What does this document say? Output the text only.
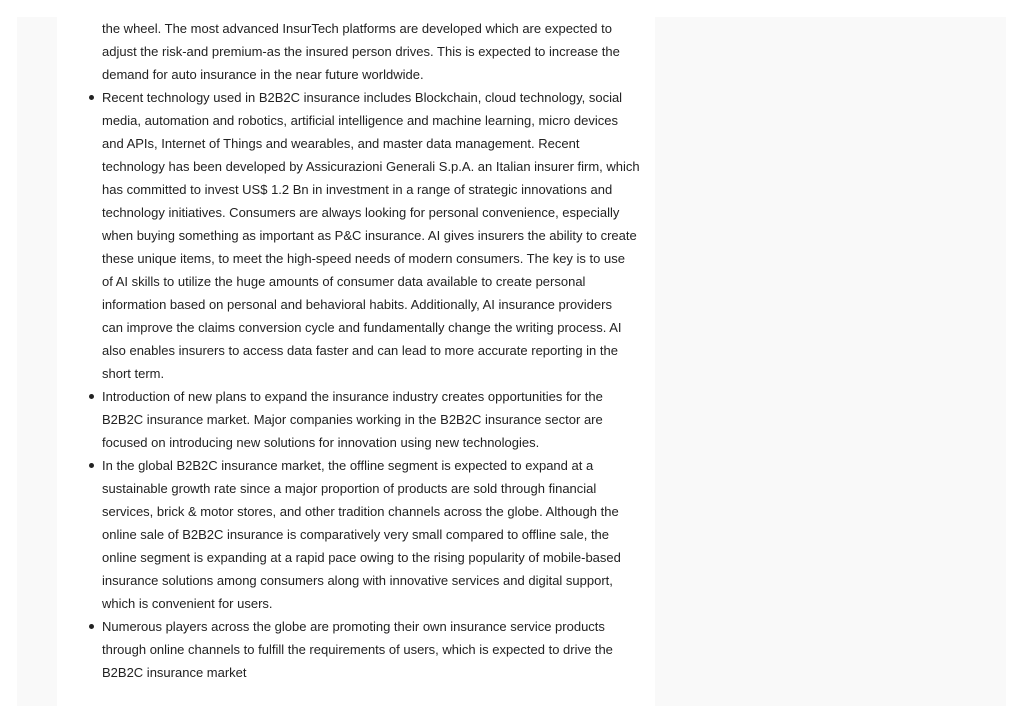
the wheel. The most advanced InsurTech platforms are developed which are expected to
adjust the risk-and premium-as the insured person drives. This is expected to increase the
demand for auto insurance in the near future worldwide.

Recent technology used in B2B2C insurance includes Blockchain, cloud technology, social
media, automation and robotics, artificial intelligence and machine learning, micro devices
and APIs, Internet of Things and wearables, and master data management. Recent
technology has been developed by Assicurazioni Generali S.p.A. an Italian insurer firm, which
has committed to invest US$ 1.2 Bn in investment in a range of strategic innovations and
technology initiatives. Consumers are always looking for personal convenience, especially
when buying something as important as P&C insurance. AI gives insurers the ability to create
these unique items, to meet the high-speed needs of modern consumers. The key is to use
of AI skills to utilize the huge amounts of consumer data available to create personal
information based on personal and behavioral habits. Additionally, AI insurance providers
can improve the claims conversion cycle and fundamentally change the writing process. AI
also enables insurers to access data faster and can lead to more accurate reporting in the
short term.
Introduction of new plans to expand the insurance industry creates opportunities for the
B2B2C insurance market. Major companies working in the B2B2C insurance sector are
focused on introducing new solutions for innovation using new technologies.
In the global B2B2C insurance market, the offline segment is expected to expand at a
sustainable growth rate since a major proportion of products are sold through financial
services, brick & motor stores, and other tradition channels across the globe. Although the
online sale of B2B2C insurance is comparatively very small compared to offline sale, the
online segment is expanding at a rapid pace owing to the rising popularity of mobile-based
insurance solutions among consumers along with innovative services and digital support,
which is convenient for users.
Numerous players across the globe are promoting their own insurance service products
through online channels to fulfill the requirements of users, which is expected to drive the
B2B2C insurance market
